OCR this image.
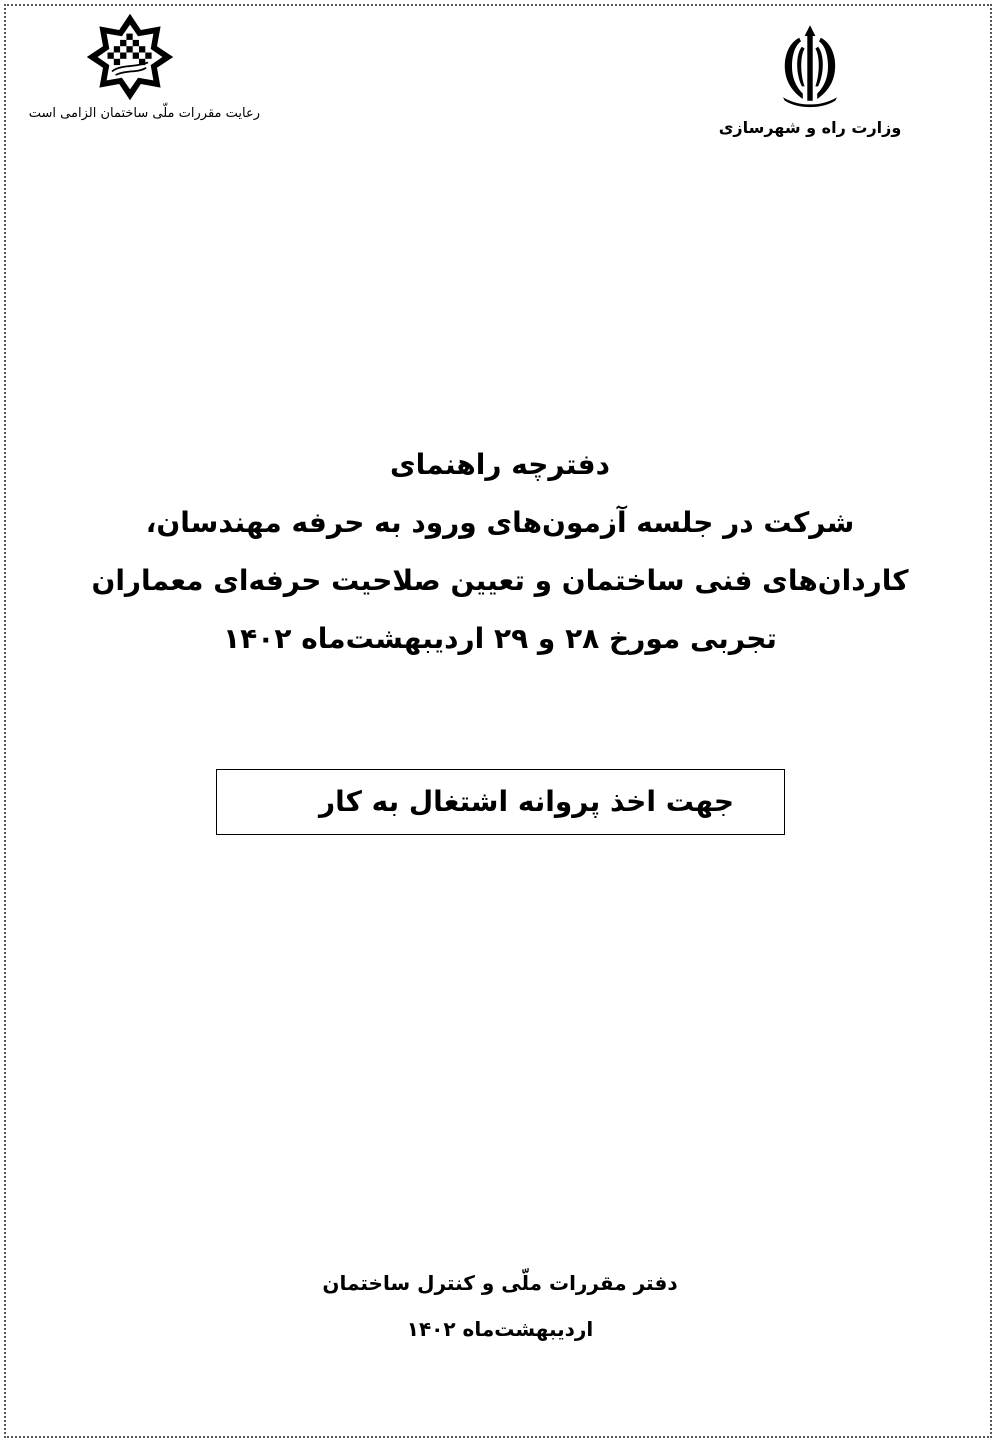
وزارت راه و شهرسازی
رعایت مقررات ملّی ساختمان الزامی است
دفترچه راهنمای
شرکت در جلسه آزمون‌های ورود به حرفه مهندسان،
کاردان‌های فنی ساختمان و تعیین صلاحیت حرفه‌ای معماران
تجربی مورخ ۲۸ و ۲۹ اردیبهشت‌ماه ۱۴۰۲
جهت اخذ پروانه اشتغال به کار
دفتر مقررات ملّی و کنترل ساختمان
اردیبهشت‌ماه ۱۴۰۲
